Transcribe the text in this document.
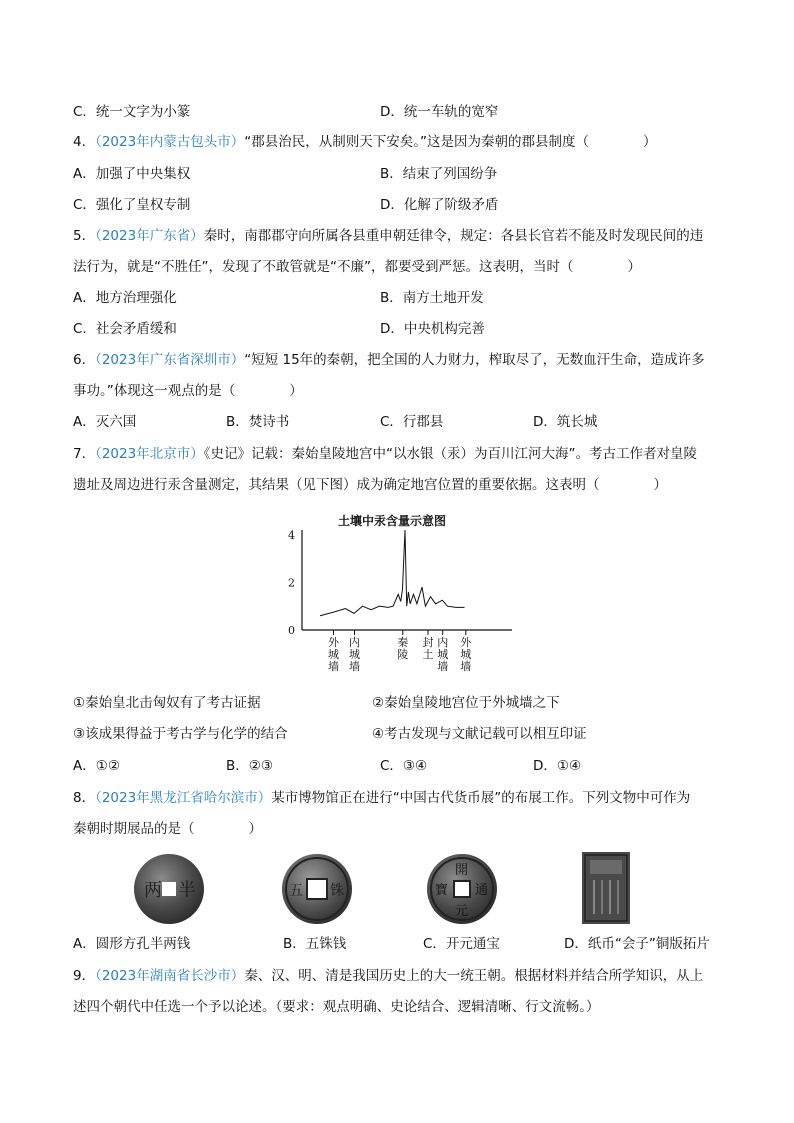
C．统一文字为小篆	D．统一车轨的宽窄
4．（2023年内蒙古包头市）“郡县治民，从制则天下安矣。”这是因为秦朝的郡县制度（　　　　）
A．加强了中央集权	B．结束了列国纷争
C．强化了皇权专制	D．化解了阶级矛盾
5．（2023年广东省）秦时，南郡郡守向所属各县重申朝廷律令，规定：各县长官若不能及时发现民间的违
法行为，就是“不胜任”，发现了不敢管就是“不廉”，都要受到严惩。这表明，当时（　　　　）
A．地方治理强化	B．南方土地开发
C．社会矛盾缓和	D．中央机构完善
6．（2023年广东省深圳市）“短短 15年的秦朝，把全国的人力财力，榨取尽了，无数血汗生命，造成许多
事功。”体现这一观点的是（　　　　）
A．灭六国	B．焚诗书	C．行郡县	D．筑长城
7．（2023年北京市）《史记》记载：秦始皇陵地宫中“以水银（汞）为百川江河大海”。考古工作者对皇陵
遗址及周边进行汞含量测定，其结果（见下图）成为确定地宫位置的重要依据。这表明（　　　　）
土壤中汞含量示意图
4
2
0
外
城
墙
内
城
墙
秦
陵
封
土
内
城
墙
外
城
墙
①秦始皇北击匈奴有了考古证据	②秦始皇陵地宫位于外城墙之下
③该成果得益于考古学与化学的结合	④考古发现与文献记载可以相互印证
A．①②	B．②③	C．③④	D．①④
8．（2023年黑龙江省哈尔滨市）某市博物馆正在进行“中国古代货币展”的布展工作。下列文物中可作为
秦朝时期展品的是（　　　　）
两 半	五 铢
開
通
元
寶
A．圆形方孔半两钱	B．五铢钱	C．开元通宝	D．纸币“会子”铜版拓片
9．（2023年湖南省长沙市）秦、汉、明、清是我国历史上的大一统王朝。根据材料并结合所学知识，从上
述四个朝代中任选一个予以论述。（要求：观点明确、史论结合、逻辑清晰、行文流畅。）
